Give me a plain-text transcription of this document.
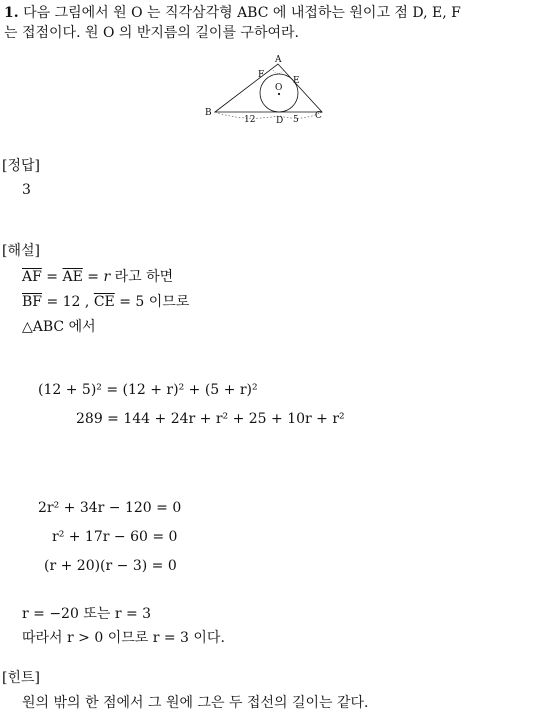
1. 다음 그림에서 원 O 는 직각삼각형 ABC 에 내접하는 원이고 점 D, E, F
는 접점이다. 원 O 의 반지름의 길이를 구하여라.
A
F
E
O
B	C
D
12	5
[정답]
3
[해설]
$\overline{AF} = \overline{AE} = r$ 라고 하면
$\overline{BF} = 12$ , $\overline{CE} = 5$ 이므로
△ABC 에서
(12 + 5)² = (12 + r)² + (5 + r)²
289 = 144 + 24r + r² + 25 + 10r + r²
2r² + 34r − 120 = 0
r² + 17r − 60 = 0
(r + 20)(r − 3) = 0
r = −20 또는 r = 3
따라서 r > 0 이므로 r = 3 이다.
[힌트]
원의 밖의 한 점에서 그 원에 그은 두 접선의 길이는 같다.
